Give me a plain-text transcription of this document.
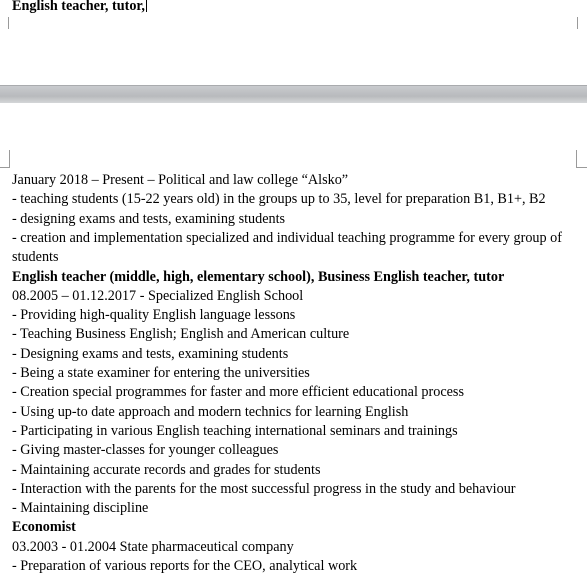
English teacher, tutor,
January 2018 – Present – Political and law college “Alsko”
- teaching students (15-22 years old) in the groups up to 35, level for preparation B1, B1+, B2
- designing exams and tests, examining students
- creation and implementation specialized and individual teaching programme for every group of
students
English teacher (middle, high, elementary school), Business English teacher, tutor
08.2005 – 01.12.2017 - Specialized English School
- Providing high-quality English language lessons
- Teaching Business English; English and American culture
- Designing exams and tests, examining students
- Being a state examiner for entering the universities
- Creation special programmes for faster and more efficient educational process
- Using up-to date approach and modern technics for learning English
- Participating in various English teaching international seminars and trainings
- Giving master-classes for younger colleagues
- Maintaining accurate records and grades for students
- Interaction with the parents for the most successful progress in the study and behaviour
- Maintaining discipline
Economist
03.2003 - 01.2004 State pharmaceutical company
- Preparation of various reports for the CEO, analytical work
